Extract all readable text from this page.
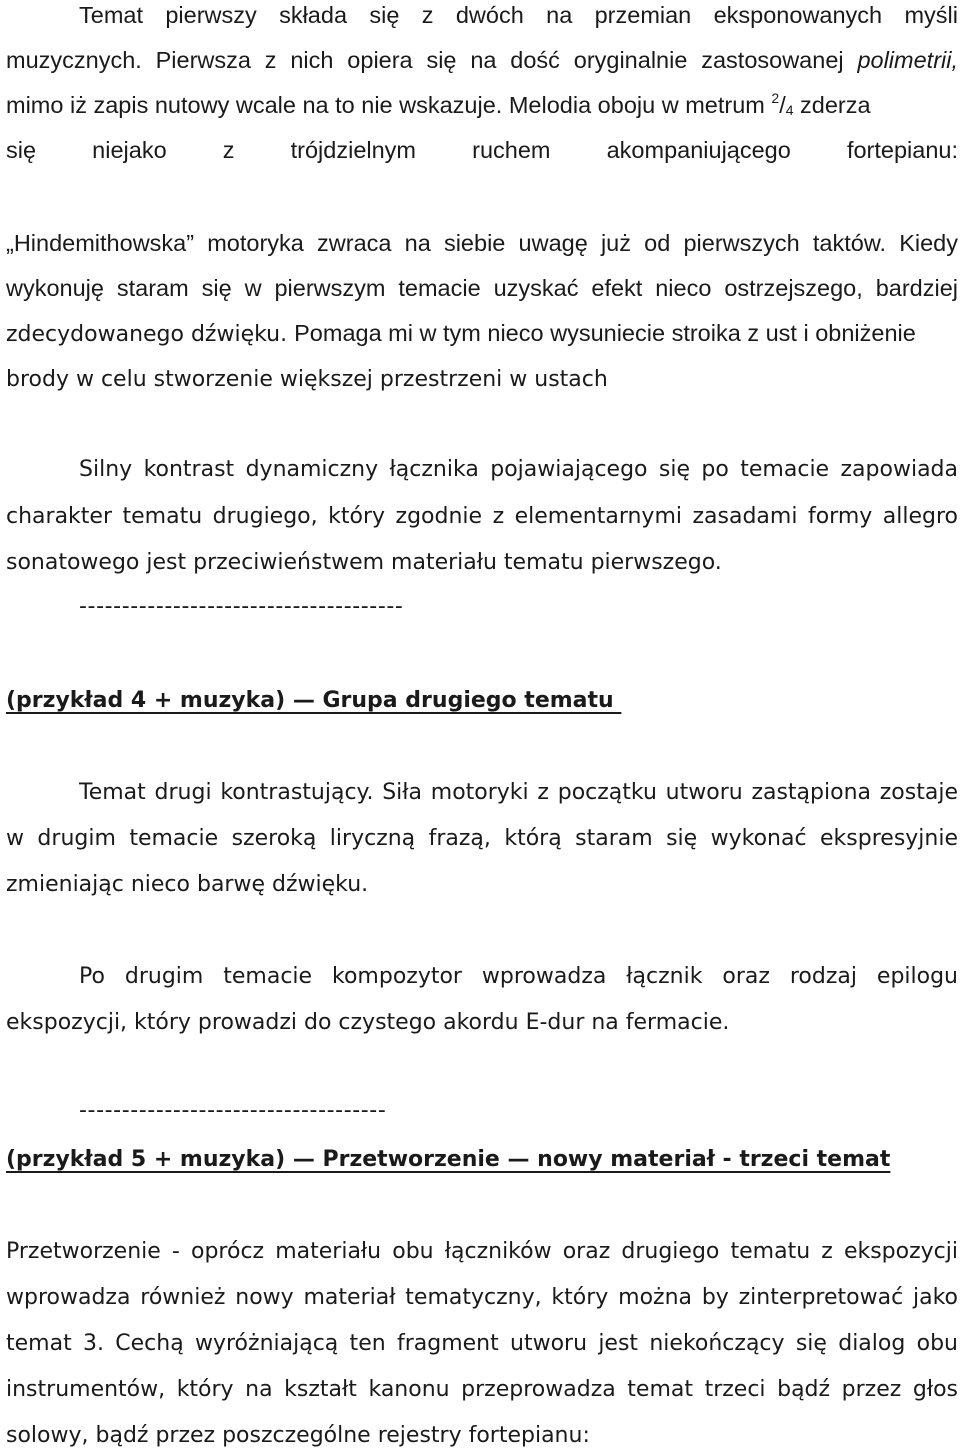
Temat pierwszy składa się z dwóch na przemian eksponowanych myśli
muzycznych. Pierwsza z nich opiera się na dość oryginalnie zastosowanej polimetrii,
mimo iż zapis nutowy wcale na to nie wskazuje. Melodia oboju w metrum $^2$/4 zderza
się niejako z trójdzielnym ruchem akompaniującego fortepianu:
„Hindemithowska” motoryka zwraca na siebie uwagę już od pierwszych taktów. Kiedy
wykonuję staram się w pierwszym temacie uzyskać efekt nieco ostrzejszego, bardziej
zdecydowanego dźwięku. Pomaga mi w tym nieco wysuniecie stroika z ust i obniżenie
brody w celu stworzenie większej przestrzeni w ustach
Silny kontrast dynamiczny łącznika pojawiającego się po temacie zapowiada
charakter tematu drugiego, który zgodnie z elementarnymi zasadami formy allegro
sonatowego jest przeciwieństwem materiału tematu pierwszego.
--------------------------------------
(przykład 4 + muzyka) — Grupa drugiego tematu
Temat drugi kontrastujący. Siła motoryki z początku utworu zastąpiona zostaje
w drugim temacie szeroką liryczną frazą, którą staram się wykonać ekspresyjnie
zmieniając nieco barwę dźwięku.
Po drugim temacie kompozytor wprowadza łącznik oraz rodzaj epilogu
ekspozycji, który prowadzi do czystego akordu E-dur na fermacie.
------------------------------------
(przykład 5 + muzyka) — Przetworzenie — nowy materiał - trzeci temat
Przetworzenie - oprócz materiału obu łączników oraz drugiego tematu z ekspozycji
wprowadza również nowy materiał tematyczny, który można by zinterpretować jako
temat 3. Cechą wyróżniającą ten fragment utworu jest niekończący się dialog obu
instrumentów, który na kształt kanonu przeprowadza temat trzeci bądź przez głos
solowy, bądź przez poszczególne rejestry fortepianu:
